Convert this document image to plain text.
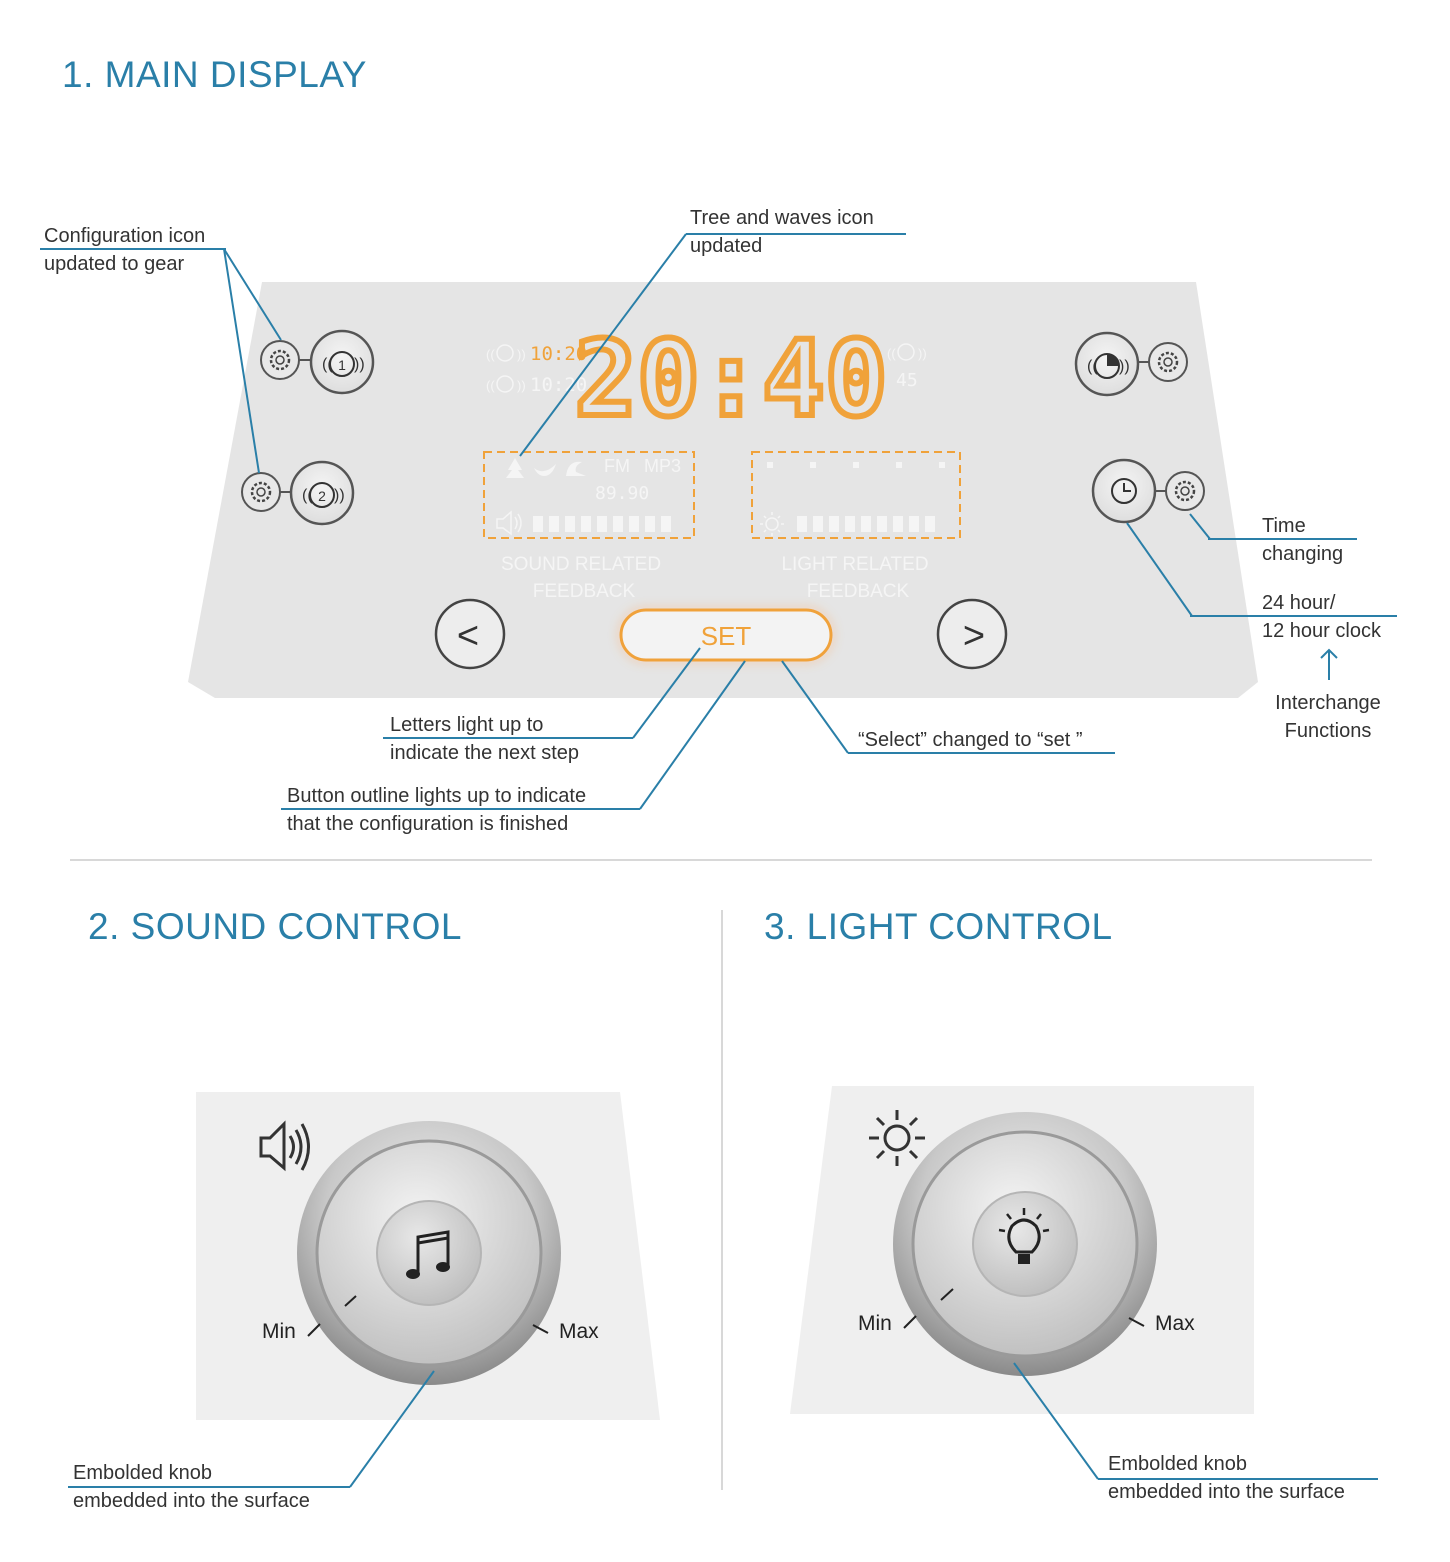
1. MAIN DISPLAY
2. SOUND CONTROL	3. LIGHT CONTROL
1
(( ))
2
(( ))
(( ))
(( )) 10:20
(( )) 10:20
20:40 (( ))
45
FM MP3
89.90
SOUND RELATED
FEEDBACK
LIGHT RELATED
FEEDBACK
<	>
SET
Configuration icon
updated to gear
Tree and waves icon
updated
Time
changing
24 hour/
12 hour clock
Interchange
Functions
Letters light up to
indicate the next step
“Select” changed to “set ”
Button outline lights up to indicate
that the configuration is finished
Min	Max
Embolded knob
embedded into the surface
Min	Max
Embolded knob
embedded into the surface
